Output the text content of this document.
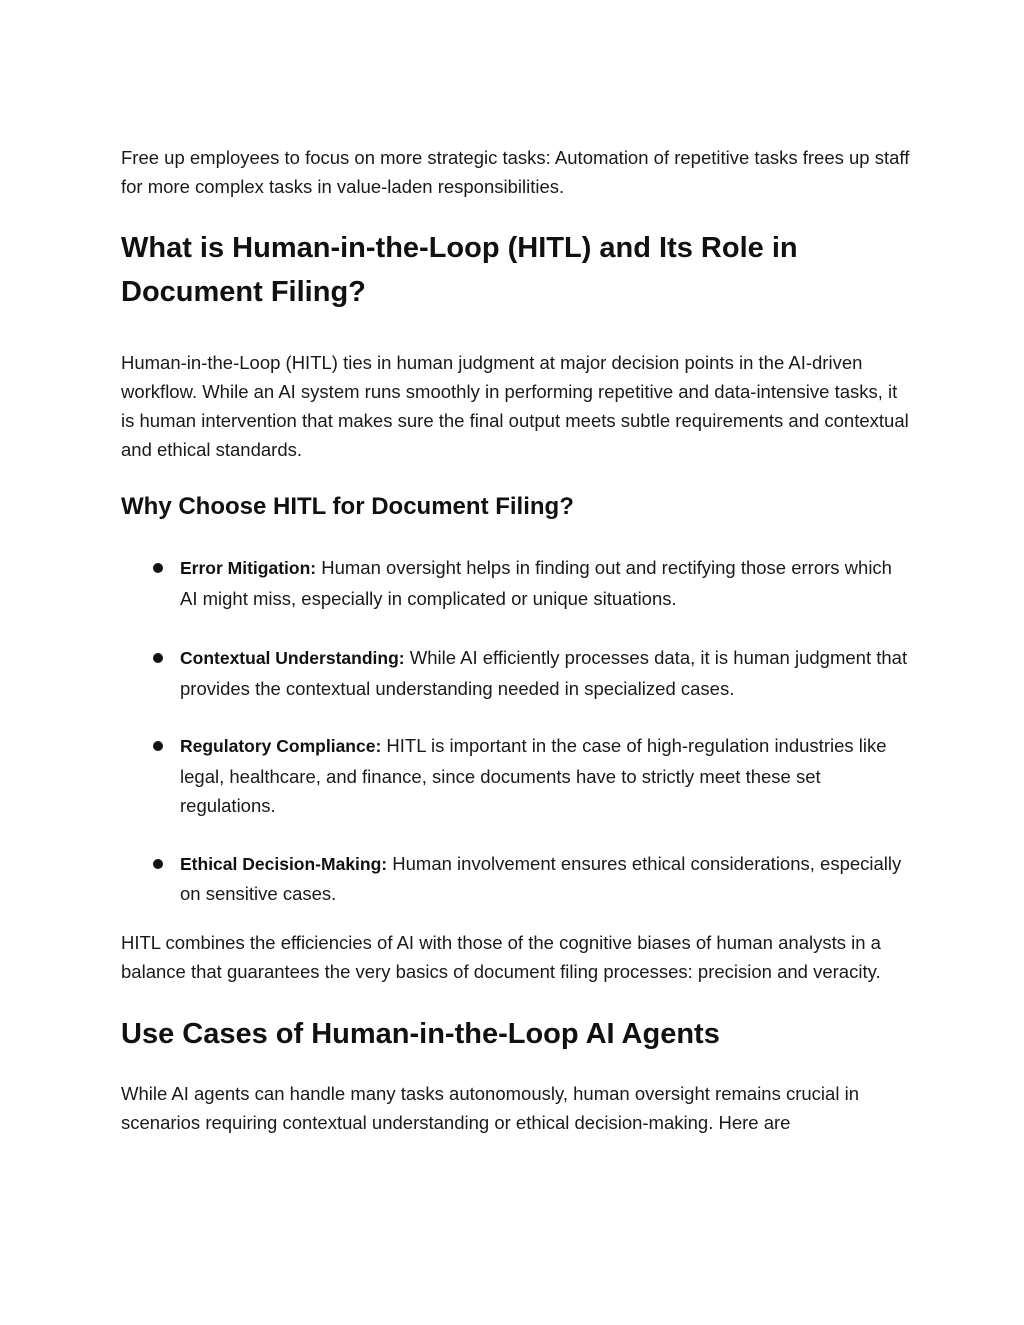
Free up employees to focus on more strategic tasks: Automation of repetitive tasks frees up staff for more complex tasks in value-laden responsibilities.

What is Human-in-the-Loop (HITL) and Its Role in Document Filing?

Human-in-the-Loop (HITL) ties in human judgment at major decision points in the AI-driven workflow. While an AI system runs smoothly in performing repetitive and data-intensive tasks, it is human intervention that makes sure the final output meets subtle requirements and contextual and ethical standards.

Why Choose HITL for Document Filing?
Error Mitigation: Human oversight helps in finding out and rectifying those errors which AI might miss, especially in complicated or unique situations.
Contextual Understanding: While AI efficiently processes data, it is human judgment that provides the contextual understanding needed in specialized cases.
Regulatory Compliance: HITL is important in the case of high-regulation industries like legal, healthcare, and finance, since documents have to strictly meet these set regulations.
Ethical Decision-Making: Human involvement ensures ethical considerations, especially on sensitive cases.

HITL combines the efficiencies of AI with those of the cognitive biases of human analysts in a balance that guarantees the very basics of document filing processes: precision and veracity.

Use Cases of Human-in-the-Loop AI Agents

While AI agents can handle many tasks autonomously, human oversight remains crucial in scenarios requiring contextual understanding or ethical decision-making. Here are
